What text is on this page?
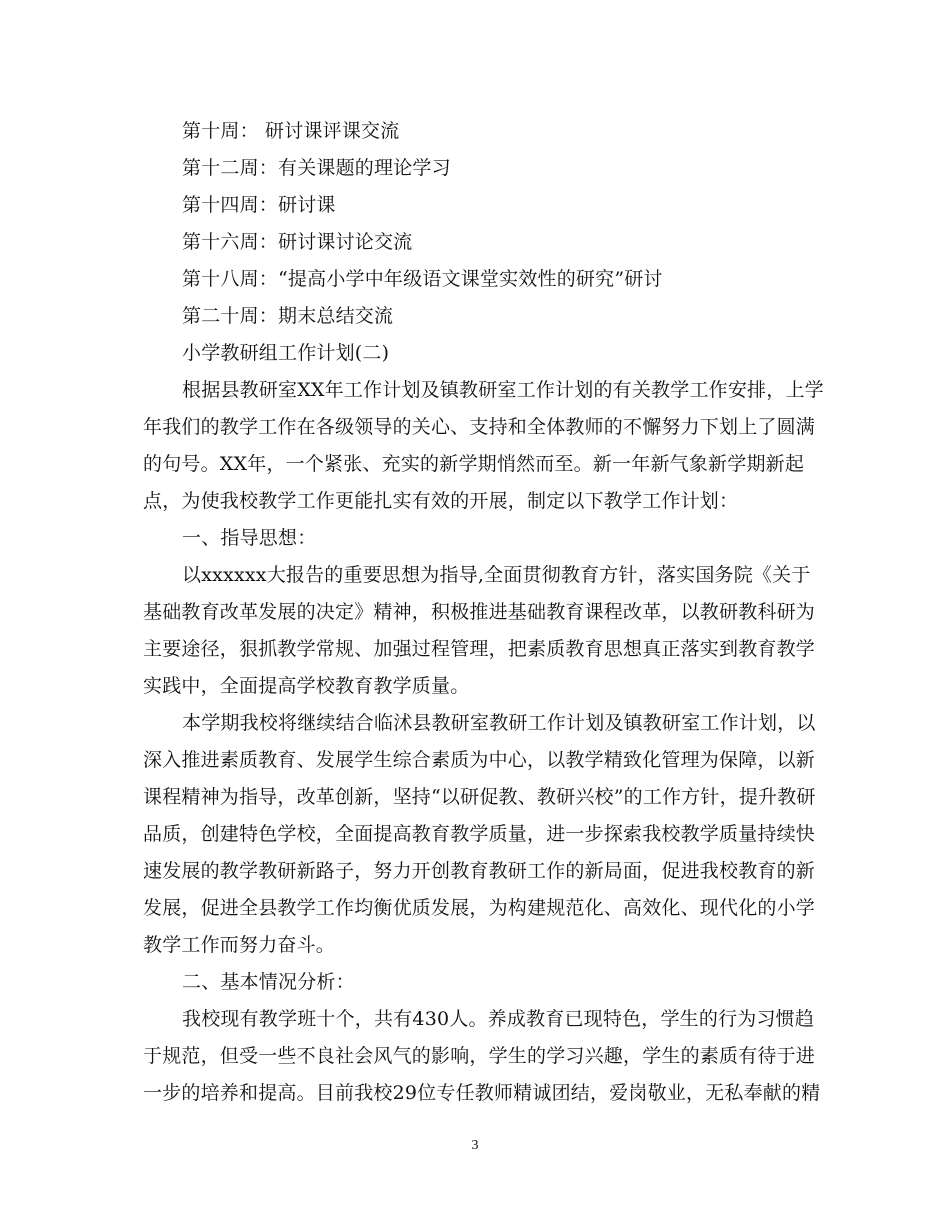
第十周： 研讨课评课交流
第十二周：有关课题的理论学习
第十四周：研讨课
第十六周：研讨课讨论交流
第十八周：“提高小学中年级语文课堂实效性的研究”研讨
第二十周：期末总结交流
小学教研组工作计划(二)
根据县教研室XX年工作计划及镇教研室工作计划的有关教学工作安排，上学
年我们的教学工作在各级领导的关心、支持和全体教师的不懈努力下划上了圆满
的句号。XX年，一个紧张、充实的新学期悄然而至。新一年新气象新学期新起
点，为使我校教学工作更能扎实有效的开展，制定以下教学工作计划：
一、指导思想：
以xxxxxx大报告的重要思想为指导,全面贯彻教育方针，落实国务院《关于
基础教育改革发展的决定》精神，积极推进基础教育课程改革，以教研教科研为
主要途径，狠抓教学常规、加强过程管理，把素质教育思想真正落实到教育教学
实践中，全面提高学校教育教学质量。
本学期我校将继续结合临沭县教研室教研工作计划及镇教研室工作计划，以
深入推进素质教育、发展学生综合素质为中心，以教学精致化管理为保障，以新
课程精神为指导，改革创新，坚持“以研促教、教研兴校”的工作方针，提升教研
品质，创建特色学校，全面提高教育教学质量，进一步探索我校教学质量持续快
速发展的教学教研新路子，努力开创教育教研工作的新局面，促进我校教育的新
发展，促进全县教学工作均衡优质发展，为构建规范化、高效化、现代化的小学
教学工作而努力奋斗。
二、基本情况分析：
我校现有教学班十个，共有430人。养成教育已现特色，学生的行为习惯趋
于规范，但受一些不良社会风气的影响，学生的学习兴趣，学生的素质有待于进
一步的培养和提高。目前我校29位专任教师精诚团结，爱岗敬业，无私奉献的精
3
